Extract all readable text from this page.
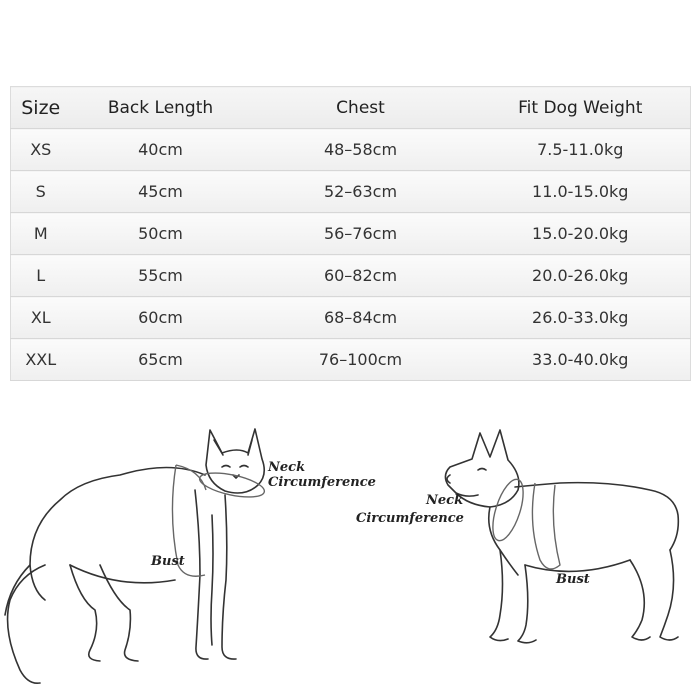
Size	Back Length	Chest	Fit Dog Weight
XS	40cm	48–58cm	7.5-11.0kg
S	45cm	52–63cm	11.0-15.0kg
M	50cm	56–76cm	15.0-20.0kg
L	55cm	60–82cm	20.0-26.0kg
XL	60cm	68–84cm	26.0-33.0kg
XXL	65cm	76–100cm	33.0-40.0kg
Neck
Circumference
Bust
Neck
Circumference
Bust
